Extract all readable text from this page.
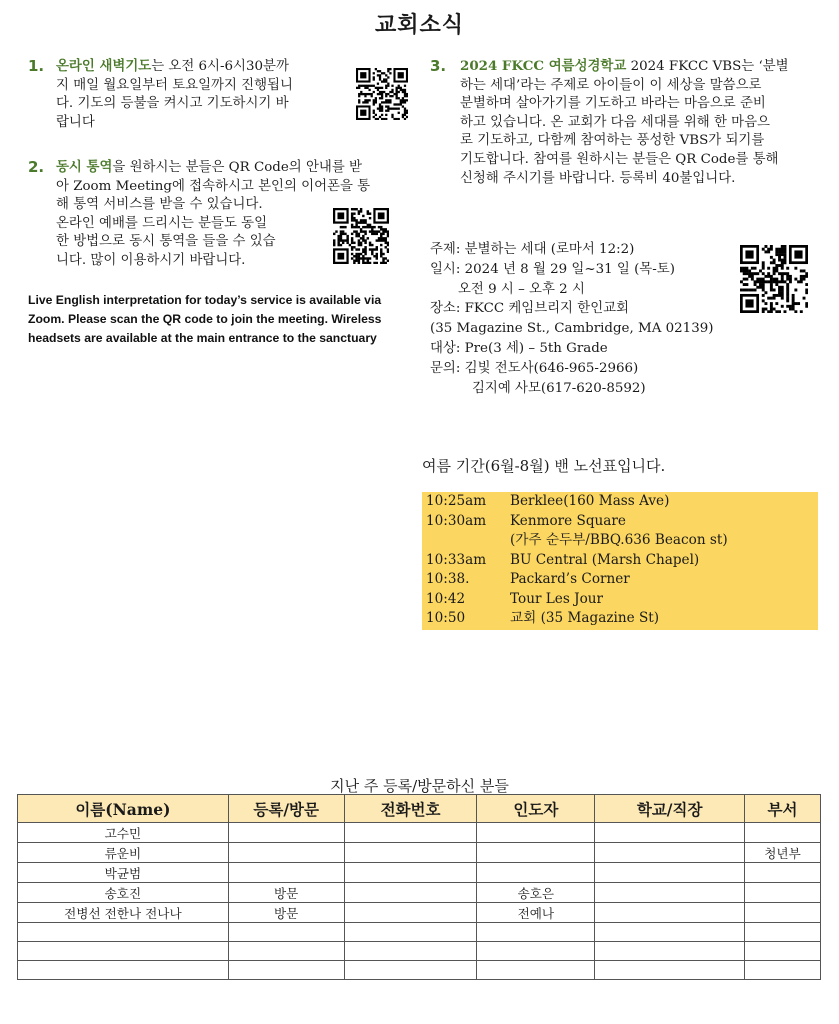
교회소식
1. 온라인 새벽기도는 오전 6시-6시30분까
지 매일 월요일부터 토요일까지 진행됩니
다. 기도의 등불을 켜시고 기도하시기 바
랍니다
2. 동시 통역을 원하시는 분들은 QR Code의 안내를 받
아 Zoom Meeting에 접속하시고 본인의 이어폰을 통
해 통역 서비스를 받을 수 있습니다.
온라인 예배를 드리시는 분들도 동일
한 방법으로 동시 통역을 들을 수 있습
니다. 많이 이용하시기 바랍니다.
Live English interpretation for today’s service is available via
Zoom. Please scan the QR code to join the meeting. Wireless
headsets are available at the main entrance to the sanctuary
3. 2024 FKCC 여름성경학교 2024 FKCC VBS는 ‘분별
하는 세대’라는 주제로 아이들이 이 세상을 말씀으로
분별하며 살아가기를 기도하고 바라는 마음으로 준비
하고 있습니다. 온 교회가 다음 세대를 위해 한 마음으
로 기도하고, 다함께 참여하는 풍성한 VBS가 되기를
기도합니다. 참여를 원하시는 분들은 QR Code를 통해
신청해 주시기를 바랍니다. 등록비 40불입니다.
주제: 분별하는 세대 (로마서 12:2)
일시: 2024 년 8 월 29 일~31 일 (목-토)
오전 9 시 – 오후 2 시
장소: FKCC 케임브리지 한인교회
(35 Magazine St., Cambridge, MA 02139)
대상: Pre(3 세) – 5th Grade
문의: 김빛 전도사(646-965-2966)
김지예 사모(617-620-8592)
여름 기간(6월-8월) 밴 노선표입니다.
10:25am	Berklee(160 Mass Ave)
10:30am	Kenmore Square
(가주 순두부/BBQ.636 Beacon st)
10:33am	BU Central (Marsh Chapel)
10:38.	Packard’s Corner
10:42	Tour Les Jour
10:50	교회 (35 Magazine St)
지난 주 등록/방문하신 분들
이름(Name)	등록/방문	전화번호	인도자	학교/직장	부서
고수민					
류운비					청년부
박균범					
송호진	방문		송호은		
전병선 전한나 전나나	방문		전예나		
